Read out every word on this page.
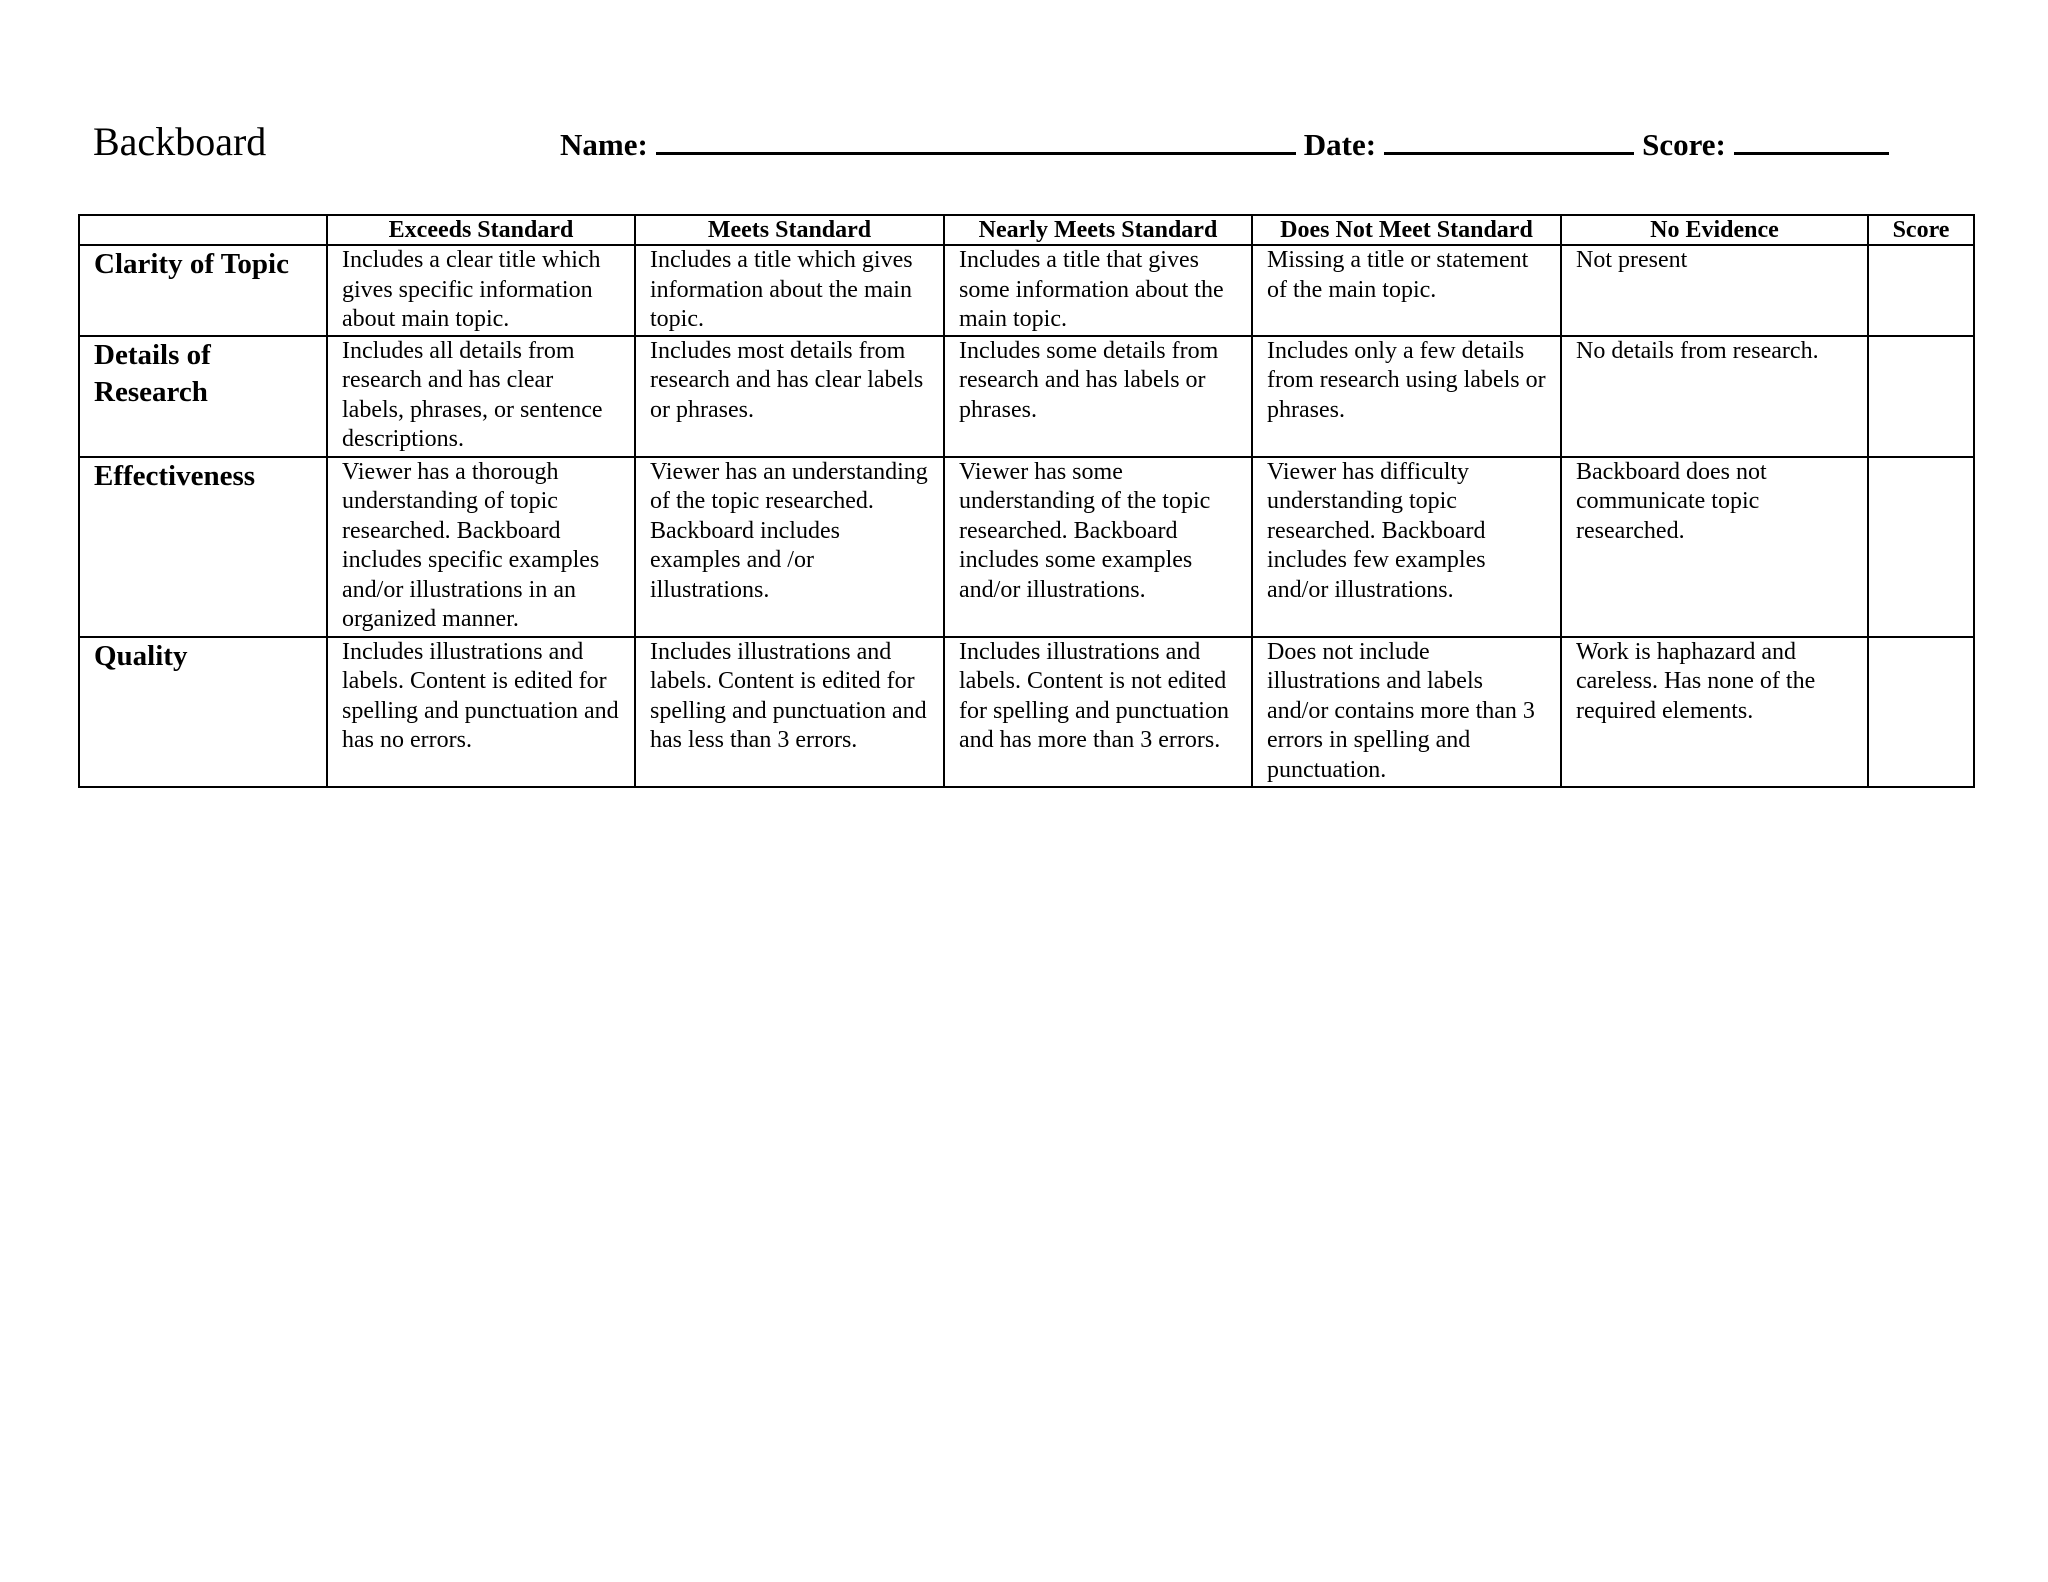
Backboard	Name:	Date:	Score:
	Exceeds Standard	Meets Standard	Nearly Meets Standard	Does Not Meet Standard	No Evidence	Score
Clarity of Topic	Includes a clear title which gives specific information about main topic.	Includes a title which gives information about the main topic.	Includes a title that gives some information about the main topic.	Missing a title or statement of the main topic.	Not present	
Details of Research	Includes all details from research and has clear labels, phrases, or sentence descriptions.	Includes most details from research and has clear labels or phrases.	Includes some details from research and has labels or phrases.	Includes only a few details from research using labels or phrases.	No details from research.	
Effectiveness	Viewer has a thorough understanding of topic researched. Backboard includes specific examples and/or illustrations in an organized manner.	Viewer has an understanding of the topic researched. Backboard includes examples and /or illustrations.	Viewer has some understanding of the topic researched. Backboard includes some examples and/or illustrations.	Viewer has difficulty understanding topic researched. Backboard includes few examples and/or illustrations.	Backboard does not communicate topic researched.	
Quality	Includes illustrations and labels. Content is edited for spelling and punctuation and has no errors.	Includes illustrations and labels. Content is edited for spelling and punctuation and has less than 3 errors.	Includes illustrations and labels. Content is not edited for spelling and punctuation and has more than 3 errors.	Does not include illustrations and labels and/or contains more than 3 errors in spelling and punctuation.	Work is haphazard and careless. Has none of the required elements.	
